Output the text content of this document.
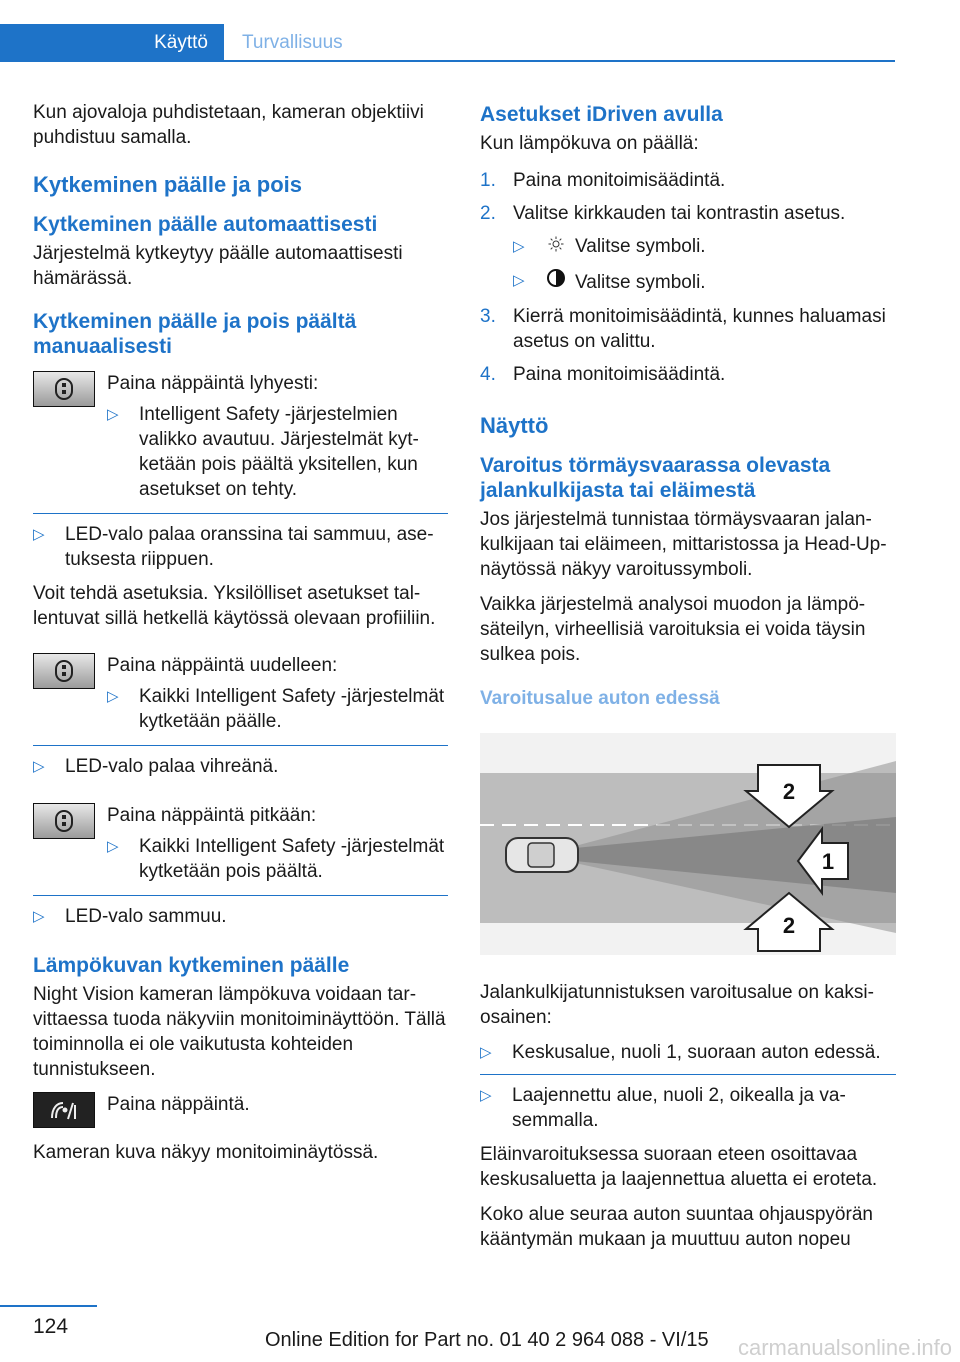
Käyttö	Turvallisuus

Kun ajovaloja puhdistetaan, kameran objektiivi puhdistuu samalla.

Kytkeminen päälle ja pois
Kytkeminen päälle automaattisesti

Järjestelmä kytkeytyy päälle automaattisesti hämärässä.

Kytkeminen päälle ja pois päältä manuaalisesti

Paina näppäintä lyhyesti:

▷	Intelligent Safety -järjestelmien valikko avautuu. Järjestelmät kytketään pois päältä yksitellen, kun asetukset on tehty.
▷	LED-valo palaa oranssina tai sammuu, asetuksesta riippuen.

Voit tehdä asetuksia. Yksilölliset asetukset tallentuvat sillä hetkellä käytössä olevaan profiiliin.

Paina näppäintä uudelleen:

▷	Kaikki Intelligent Safety -järjestelmät kytketään päälle.
▷	LED-valo palaa vihreänä.

Paina näppäintä pitkään:

▷	Kaikki Intelligent Safety -järjestelmät kytketään pois päältä.
▷	LED-valo sammuu.
Lämpökuvan kytkeminen päälle

Night Vision kameran lämpökuva voidaan tarvittaessa tuoda näkyviin monitoiminäyttöön. Tällä toiminnolla ei ole vaikutusta kohteiden tunnistukseen.

Paina näppäintä.

Kameran kuva näkyy monitoiminäytössä.

Asetukset iDriven avulla

Kun lämpökuva on päällä:

1. Paina monitoimisäädintä.
2. Valitse kirkkauden tai kontrastin asetus.
▷	Valitse symboli.
▷	Valitse symboli.
3. Kierrä monitoimisäädintä, kunnes haluamasi asetus on valittu.
4. Paina monitoimisäädintä.
Näyttö
Varoitus törmäysvaarassa olevasta jalankulkijasta tai eläimestä

Jos järjestelmä tunnistaa törmäysvaaran jalankulkijaan tai eläimeen, mittaristossa ja Head-Up-näytössä näkyy varoitussymboli.

Vaikka järjestelmä analysoi muodon ja lämpösäteilyn, virheellisiä varoituksia ei voida täysin sulkea pois.

Varoitusalue auton edessä
2
1
2

Jalankulkijatunnistuksen varoitusalue on kaksiosainen:

▷	Keskusalue, nuoli 1, suoraan auton edessä.
▷	Laajennettu alue, nuoli 2, oikealla ja vasemmalla.

Eläinvaroituksessa suoraan eteen osoittavaa keskusaluetta ja laajennettua aluetta ei eroteta.

Koko alue seuraa auton suuntaa ohjauspyörän kääntymän mukaan ja muuttuu auton nopeu

124
Online Edition for Part no. 01 40 2 964 088 - VI/15 carmanualsonline.info
